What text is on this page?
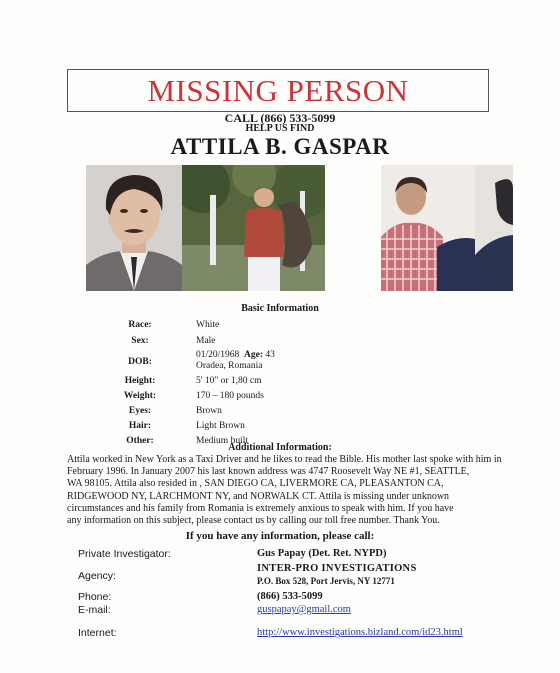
MISSING PERSON
CALL (866) 533-5099
HELP US FIND
ATTILA B. GASPAR
Basic Information
Race:	White
Sex:	Male
DOB:
01/20/1968 Age: 43
Oradea, Romania
Height:	5' 10" or 1,80 cm
Weight:	170 – 180 pounds
Eyes:	Brown
Hair:	Light Brown
Other:	Medium built
Additional Information:
Attila worked in New York as a Taxi Driver and he likes to read the Bible. His mother last spoke with him in
February 1996. In January 2007 his last known address was 4747 Roosevelt Way NE #1, SEATTLE,
WA 98105. Attila also resided in , SAN DIEGO CA, LIVERMORE CA, PLEASANTON CA,
RIDGEWOOD NY, LARCHMONT NY, and NORWALK CT. Attila is missing under unknown
circumstances and his family from Romania is extremely anxious to speak with him. If you have
any information on this subject, please contact us by calling our toll free number. Thank You.
If you have any information, please call:
Private Investigator:	Gus Papay (Det. Ret. NYPD)
Agency:
INTER-PRO INVESTIGATIONS
P.O. Box 528, Port Jervis, NY 12771
Phone:	(866) 533-5099
E-mail:	guspapay@gmail.com
Internet:	http://www.investigations.bizland.com/id23.html
